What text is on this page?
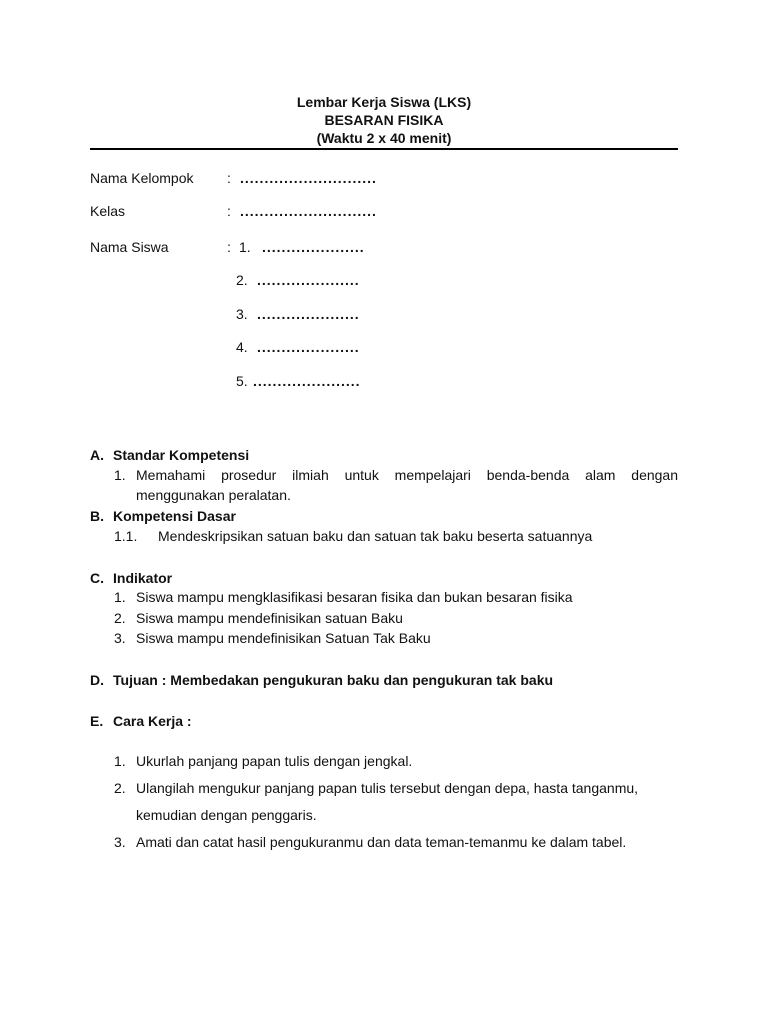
Lembar Kerja Siswa (LKS)
BESARAN FISIKA
(Waktu 2 x 40 menit)
Nama Kelompok : ............................
Kelas	: ............................
Nama Siswa	: 1. .....................
2. .....................
3. .....................
4. .....................
5. ......................
A. Standar Kompetensi
1. Memahami prosedur ilmiah untuk mempelajari benda-benda alam dengan
menggunakan peralatan.
B. Kompetensi Dasar
1.1. Mendeskripsikan satuan baku dan satuan tak baku beserta satuannya
C. Indikator
1. Siswa mampu mengklasifikasi besaran fisika dan bukan besaran fisika
2. Siswa mampu mendefinisikan satuan Baku
3. Siswa mampu mendefinisikan Satuan Tak Baku
D. Tujuan : Membedakan pengukuran baku dan pengukuran tak baku
E. Cara Kerja :
1. Ukurlah panjang papan tulis dengan jengkal.
2. Ulangilah mengukur panjang papan tulis tersebut dengan depa, hasta tanganmu,
kemudian dengan penggaris.
3. Amati dan catat hasil pengukuranmu dan data teman-temanmu ke dalam tabel.
